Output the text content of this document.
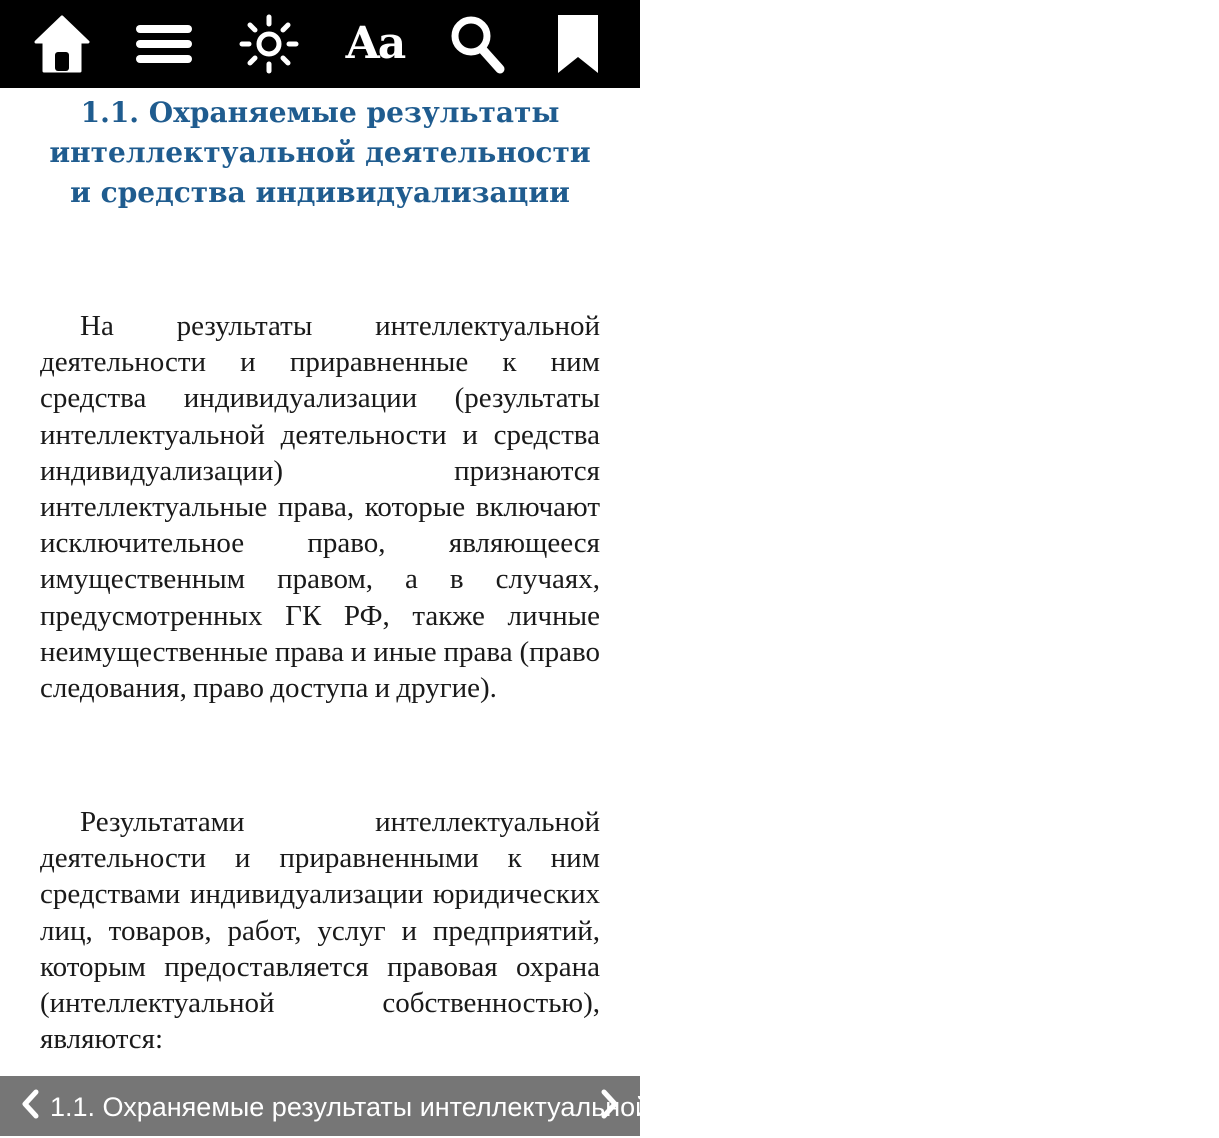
Aa
1.1. Охраняемые результаты интеллектуальной деятельности и средства индивидуализации

На результаты интеллектуальной деятельности и приравненные к ним средства индивидуализации (результаты интеллектуальной деятельности и средства индивидуализации) признаются интеллектуальные права, которые включают исключительное право, являющееся имущественным правом, а в случаях, предусмотренных ГК РФ, также личные неимущественные права и иные права (право следования, право доступа и другие).

Результатами интеллектуальной деятельности и приравненными к ним средствами индивидуализации юридических лиц, товаров, работ, услуг и предприятий, которым предоставляется правовая охрана (интеллектуальной собственностью), являются:

1.1. Охраняемые результаты интеллектуальной деятельности и средства индивидуализации
